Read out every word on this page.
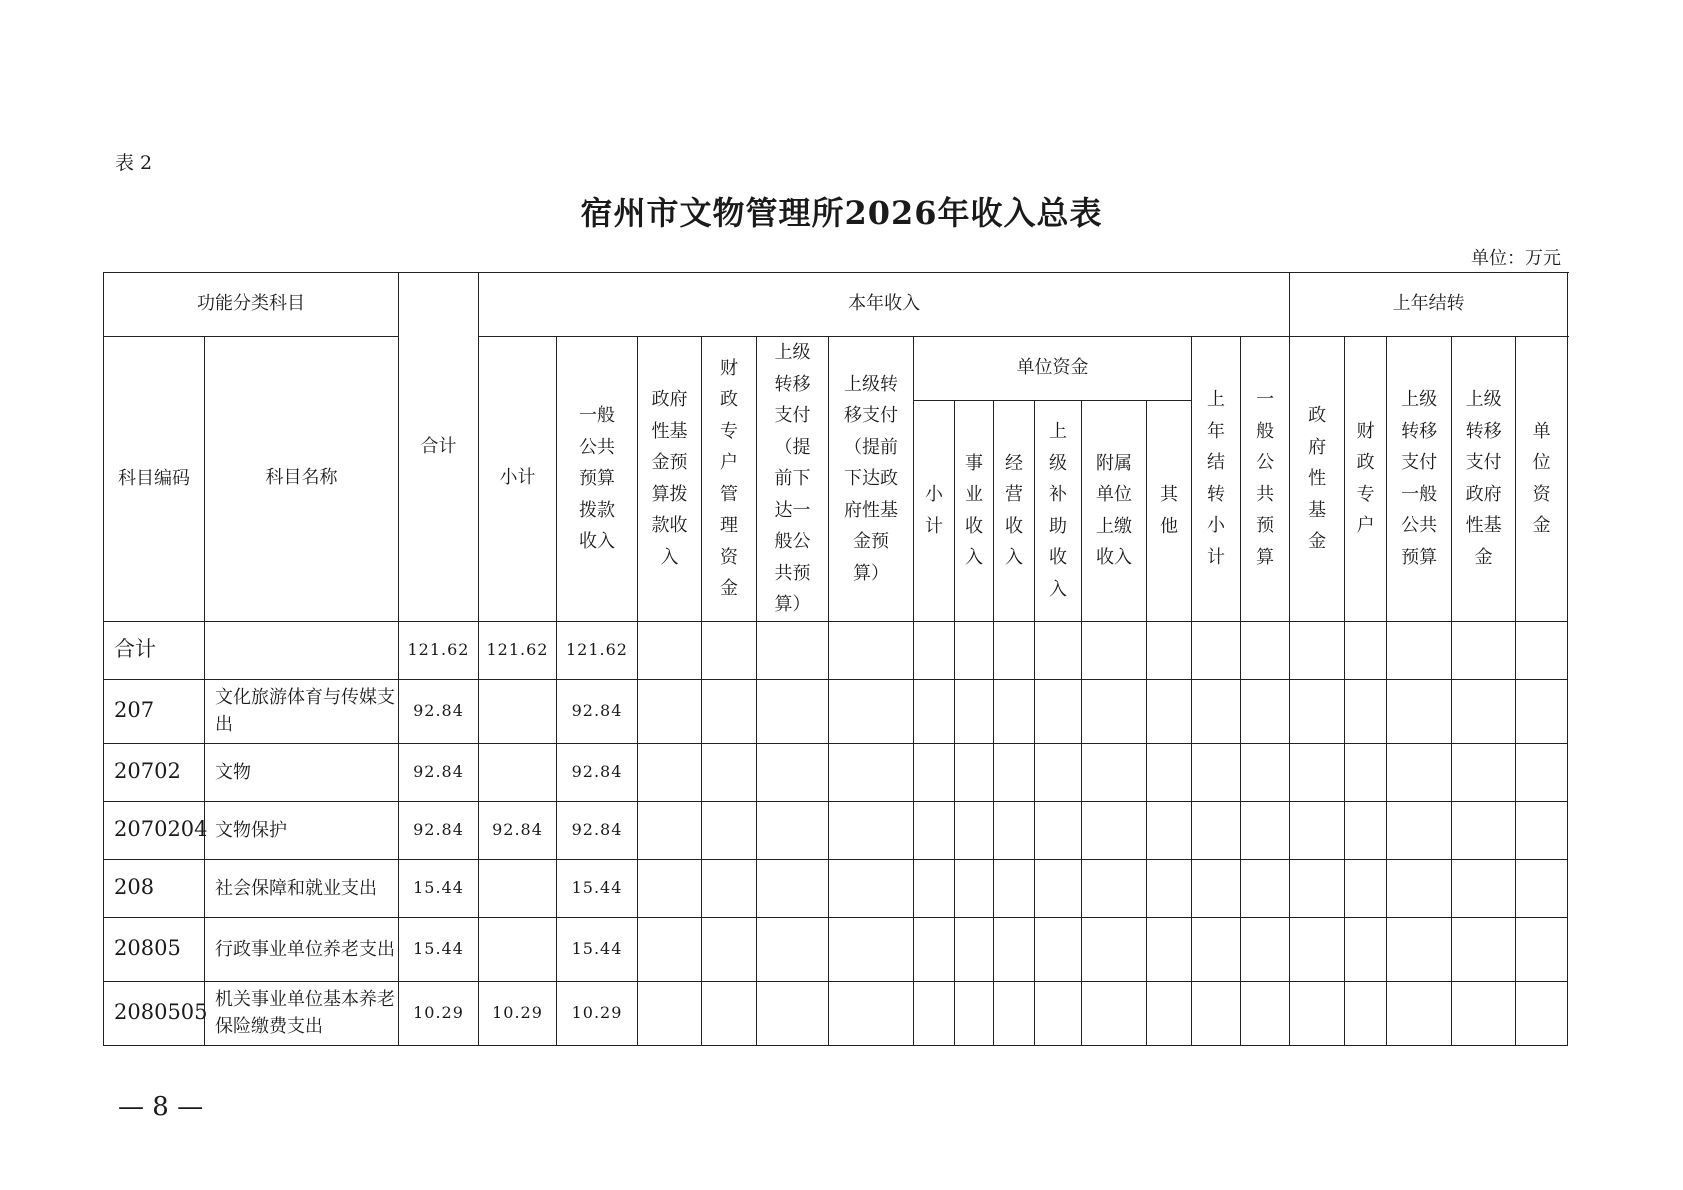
表 2
宿州市文物管理所2026年收入总表
单位：万元
功能分类科目		合计	本年收入														上年结转				
科目编码	科目名称		小计	一般公共预算拨款收入	政府性基金预算拨款收入	财政专户管理资金	上级转移支付（提前下达一般公共预算）	上级转移支付（提前下达政府性基金预算）	单位资金						上年结转小计	一般公共预算	政府性基金	财政专户	上级转移支付一般公共预算	上级转移支付政府性基金	单位资金
									小计	事业收入	经营收入	上级补助收入	附属单位上缴收入	其他							
合计		121.62	121.62	121.62																	
207	文化旅游体育与传媒支出	92.84		92.84																	
20702	文物	92.84		92.84																	
2070204	文物保护	92.84	92.84	92.84																	
208	社会保障和就业支出	15.44		15.44																	
20805	行政事业单位养老支出	15.44		15.44																	
2080505	机关事业单位基本养老保险缴费支出	10.29	10.29	10.29																	
— 8 —
